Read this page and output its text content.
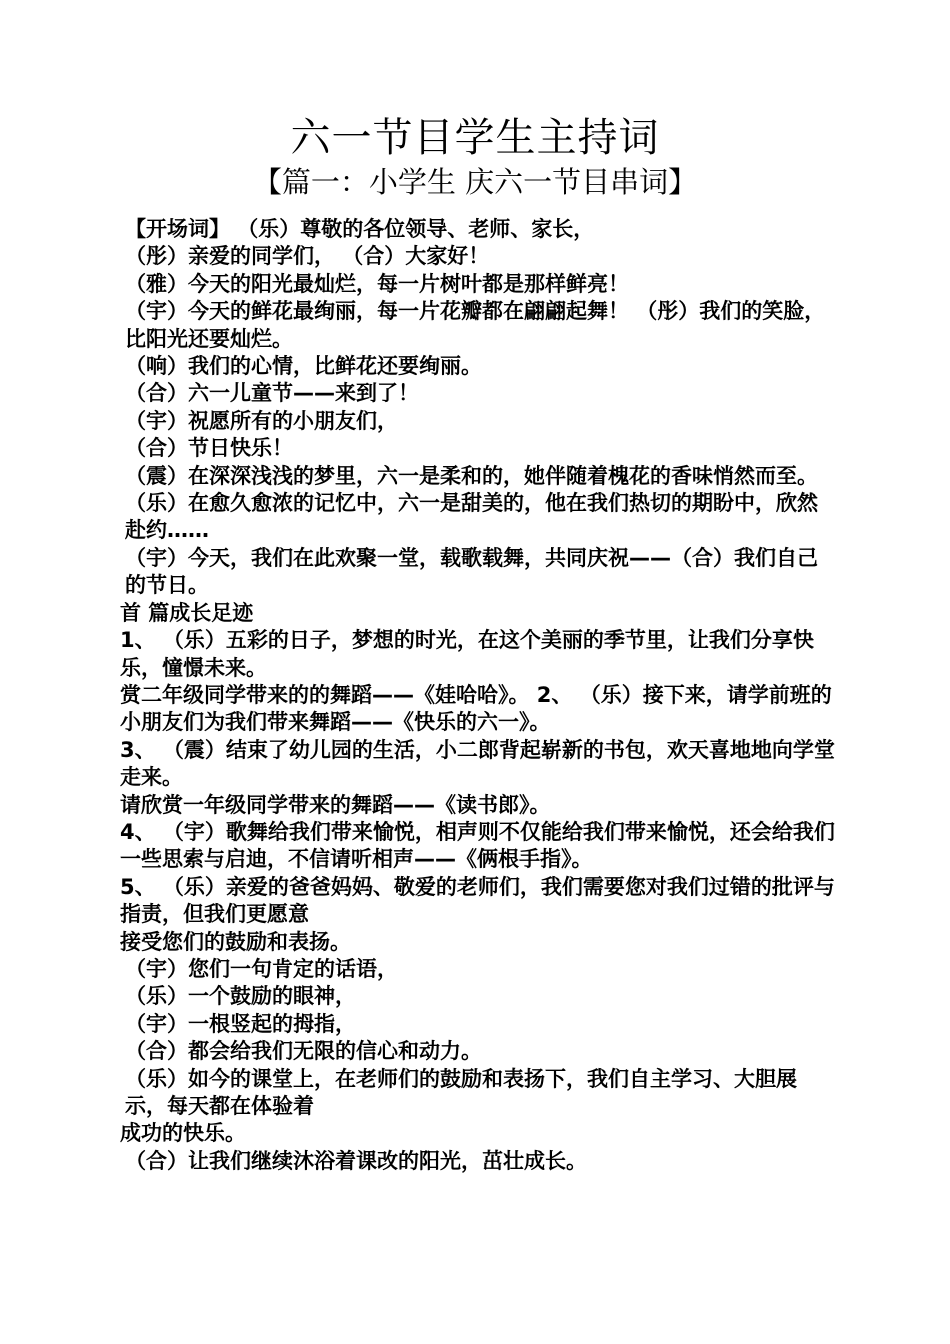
六一节目学生主持词
【篇一：小学生 庆六一节目串词】

【开场词】 （乐）尊敬的各位领导、老师、家长，

（彤）亲爱的同学们， （合）大家好！

（雅）今天的阳光最灿烂，每一片树叶都是那样鲜亮！

（宇）今天的鲜花最绚丽，每一片花瓣都在翩翩起舞！ （彤）我们的笑脸，比阳光还要灿烂。

（响）我们的心情，比鲜花还要绚丽。

（合）六一儿童节——来到了！

（宇）祝愿所有的小朋友们，

（合）节日快乐！

（震）在深深浅浅的梦里，六一是柔和的，她伴随着槐花的香味悄然而至。

（乐）在愈久愈浓的记忆中，六一是甜美的，他在我们热切的期盼中，欣然赴约……

（宇）今天，我们在此欢聚一堂，载歌载舞，共同庆祝——（合）我们自己的节日。

首 篇成长足迹

1、 （乐）五彩的日子，梦想的时光，在这个美丽的季节里，让我们分享快乐，憧憬未来。

赏二年级同学带来的的舞蹈——《娃哈哈》。 2、 （乐）接下来，请学前班的小朋友们为我们带来舞蹈——《快乐的六一》。

3、 （震）结束了幼儿园的生活，小二郎背起崭新的书包，欢天喜地地向学堂走来。

请欣赏一年级同学带来的舞蹈——《读书郎》。

4、 （宇）歌舞给我们带来愉悦，相声则不仅能给我们带来愉悦，还会给我们一些思索与启迪，不信请听相声——《俩根手指》。

5、 （乐）亲爱的爸爸妈妈、敬爱的老师们，我们需要您对我们过错的批评与指责，但我们更愿意

接受您们的鼓励和表扬。

（宇）您们一句肯定的话语，

（乐）一个鼓励的眼神，

（宇）一根竖起的拇指，

（合）都会给我们无限的信心和动力。

（乐）如今的课堂上，在老师们的鼓励和表扬下，我们自主学习、大胆展示，每天都在体验着

成功的快乐。

（合）让我们继续沐浴着课改的阳光，茁壮成长。
